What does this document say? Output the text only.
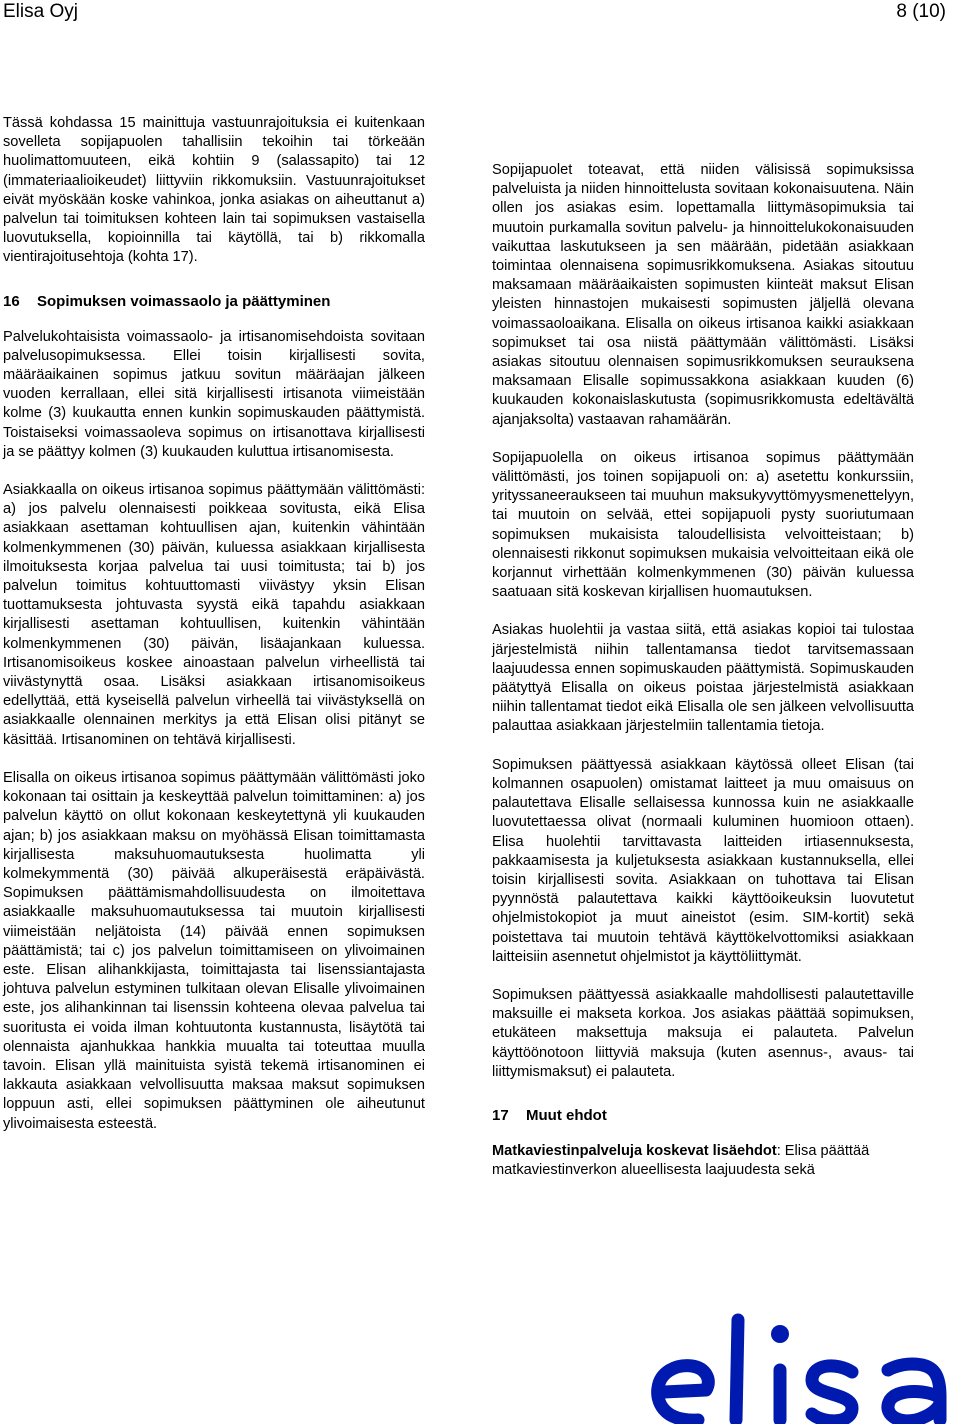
Elisa Oyj	8 (10)

Tässä kohdassa 15 mainittuja vastuunrajoituksia ei kuitenkaan sovelleta sopijapuolen tahallisiin tekoihin tai törkeään huolimattomuuteen, eikä kohtiin 9 (salassapito) tai 12 (immateriaalioikeudet) liittyviin rikkomuksiin. Vastuunrajoitukset eivät myöskään koske vahinkoa, jonka asiakas on aiheuttanut a) palvelun tai toimituksen kohteen lain tai sopimuksen vastaisella luovutuksella, kopioinnilla tai käytöllä, tai b) rikkomalla vientirajoitusehtoja (kohta 17).

16 Sopimuksen voimassaolo ja päättyminen

Palvelukohtaisista voimassaolo- ja irtisanomisehdoista sovitaan palvelusopimuksessa. Ellei toisin kirjallisesti sovita, määräaikainen sopimus jatkuu sovitun määräajan jälkeen vuoden kerrallaan, ellei sitä kirjallisesti irtisanota viimeistään kolme (3) kuukautta ennen kunkin sopimuskauden päättymistä. Toistaiseksi voimassaoleva sopimus on irtisanottava kirjallisesti ja se päättyy kolmen (3) kuukauden kuluttua irtisanomisesta.

Asiakkaalla on oikeus irtisanoa sopimus päättymään välittömästi: a) jos palvelu olennaisesti poikkeaa sovitusta, eikä Elisa asiakkaan asettaman kohtuullisen ajan, kuitenkin vähintään kolmenkymmenen (30) päivän, kuluessa asiakkaan kirjallisesta ilmoituksesta korjaa palvelua tai uusi toimitusta; tai b) jos palvelun toimitus kohtuuttomasti viivästyy yksin Elisan tuottamuksesta johtuvasta syystä eikä tapahdu asiakkaan kirjallisesti asettaman kohtuullisen, kuitenkin vähintään kolmenkymmenen (30) päivän, lisäajankaan kuluessa. Irtisanomisoikeus koskee ainoastaan palvelun virheellistä tai viivästynyttä osaa. Lisäksi asiakkaan irtisanomisoikeus edellyttää, että kyseisellä palvelun virheellä tai viivästyksellä on asiakkaalle olennainen merkitys ja että Elisan olisi pitänyt se käsittää. Irtisanominen on tehtävä kirjallisesti.

Elisalla on oikeus irtisanoa sopimus päättymään välittömästi joko kokonaan tai osittain ja keskeyttää palvelun toimittaminen: a) jos palvelun käyttö on ollut kokonaan keskeytettynä yli kuukauden ajan; b) jos asiakkaan maksu on myöhässä Elisan toimittamasta kirjallisesta maksuhuomautuksesta huolimatta yli kolmekymmentä (30) päivää alkuperäisestä eräpäivästä. Sopimuksen päättämismahdollisuudesta on ilmoitettava asiakkaalle maksuhuomautuksessa tai muutoin kirjallisesti viimeistään neljätoista (14) päivää ennen sopimuksen päättämistä; tai c) jos palvelun toimittamiseen on ylivoimainen este. Elisan alihankkijasta, toimittajasta tai lisenssiantajasta johtuva palvelun estyminen tulkitaan olevan Elisalle ylivoimainen este, jos alihankinnan tai lisenssin kohteena olevaa palvelua tai suoritusta ei voida ilman kohtuutonta kustannusta, lisäytötä tai olennaista ajanhukkaa hankkia muualta tai toteuttaa muulla tavoin. Elisan yllä mainituista syistä tekemä irtisanominen ei lakkauta asiakkaan velvollisuutta maksaa maksut sopimuksen loppuun asti, ellei sopimuksen päättyminen ole aiheutunut ylivoimaisesta esteestä.

Sopijapuolet toteavat, että niiden välisissä sopimuksissa palveluista ja niiden hinnoittelusta sovitaan kokonaisuutena. Näin ollen jos asiakas esim. lopettamalla liittymäsopimuksia tai muutoin purkamalla sovitun palvelu- ja hinnoittelukokonaisuuden vaikuttaa laskutukseen ja sen määrään, pidetään asiakkaan toimintaa olennaisena sopimusrikkomuksena. Asiakas sitoutuu maksamaan määräaikaisten sopimusten kiinteät maksut Elisan yleisten hinnastojen mukaisesti sopimusten jäljellä olevana voimassaoloaikana. Elisalla on oikeus irtisanoa kaikki asiakkaan sopimukset tai osa niistä päättymään välittömästi. Lisäksi asiakas sitoutuu olennaisen sopimusrikkomuksen seurauksena maksamaan Elisalle sopimussakkona asiakkaan kuuden (6) kuukauden kokonaislaskutusta (sopimusrikkomusta edeltävältä ajanjaksolta) vastaavan rahamäärän.

Sopijapuolella on oikeus irtisanoa sopimus päättymään välittömästi, jos toinen sopijapuoli on: a) asetettu konkurssiin, yrityssaneeraukseen tai muuhun maksukyvyttömyysmenettelyyn, tai muutoin on selvää, ettei sopijapuoli pysty suoriutumaan sopimuksen mukaisista taloudellisista velvoitteistaan; b) olennaisesti rikkonut sopimuksen mukaisia velvoitteitaan eikä ole korjannut virhettään kolmenkymmenen (30) päivän kuluessa saatuaan sitä koskevan kirjallisen huomautuksen.

Asiakas huolehtii ja vastaa siitä, että asiakas kopioi tai tulostaa järjestelmistä niihin tallentamansa tiedot tarvitsemassaan laajuudessa ennen sopimuskauden päättymistä. Sopimuskauden päätyttyä Elisalla on oikeus poistaa järjestelmistä asiakkaan niihin tallentamat tiedot eikä Elisalla ole sen jälkeen velvollisuutta palauttaa asiakkaan järjestelmiin tallentamia tietoja.

Sopimuksen päättyessä asiakkaan käytössä olleet Elisan (tai kolmannen osapuolen) omistamat laitteet ja muu omaisuus on palautettava Elisalle sellaisessa kunnossa kuin ne asiakkaalle luovutettaessa olivat (normaali kuluminen huomioon ottaen). Elisa huolehtii tarvittavasta laitteiden irtiasennuksesta, pakkaamisesta ja kuljetuksesta asiakkaan kustannuksella, ellei toisin kirjallisesti sovita. Asiakkaan on tuhottava tai Elisan pyynnöstä palautettava kaikki käyttöoikeuksin luovutetut ohjelmistokopiot ja muut aineistot (esim. SIM-kortit) sekä poistettava tai muutoin tehtävä käyttökelvottomiksi asiakkaan laitteisiin asennetut ohjelmistot ja käyttöliittymät.

Sopimuksen päättyessä asiakkaalle mahdollisesti palautettaville maksuille ei makseta korkoa. Jos asiakas päättää sopimuksen, etukäteen maksettuja maksuja ei palauteta. Palvelun käyttöönotoon liittyviä maksuja (kuten asennus-, avaus- tai liittymismaksut) ei palauteta.

17 Muut ehdot

Matkaviestinpalveluja koskevat lisäehdot: Elisa päättää matkaviestinverkon alueellisesta laajuudesta sekä
